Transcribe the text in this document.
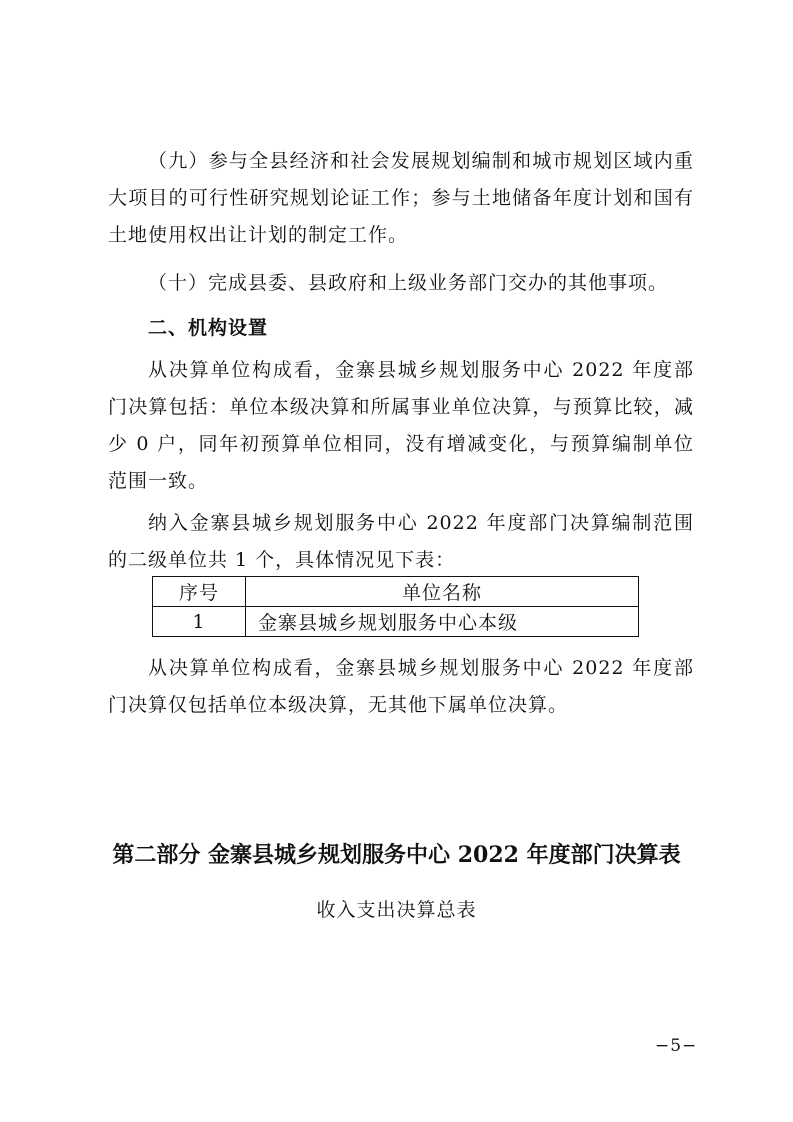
（九）参与全县经济和社会发展规划编制和城市规划区域内重大项目的可行性研究规划论证工作；参与土地储备年度计划和国有土地使用权出让计划的制定工作。

（十）完成县委、县政府和上级业务部门交办的其他事项。

二、机构设置

从决算单位构成看，金寨县城乡规划服务中心 2022 年度部门决算包括：单位本级决算和所属事业单位决算，与预算比较，减少 0 户，同年初预算单位相同，没有增减变化，与预算编制单位范围一致。

纳入金寨县城乡规划服务中心 2022 年度部门决算编制范围的二级单位共 1 个，具体情况见下表：

序号	单位名称
1	金寨县城乡规划服务中心本级

从决算单位构成看，金寨县城乡规划服务中心 2022 年度部门决算仅包括单位本级决算，无其他下属单位决算。

第二部分 金寨县城乡规划服务中心 2022 年度部门决算表

收入支出决算总表

−5−
